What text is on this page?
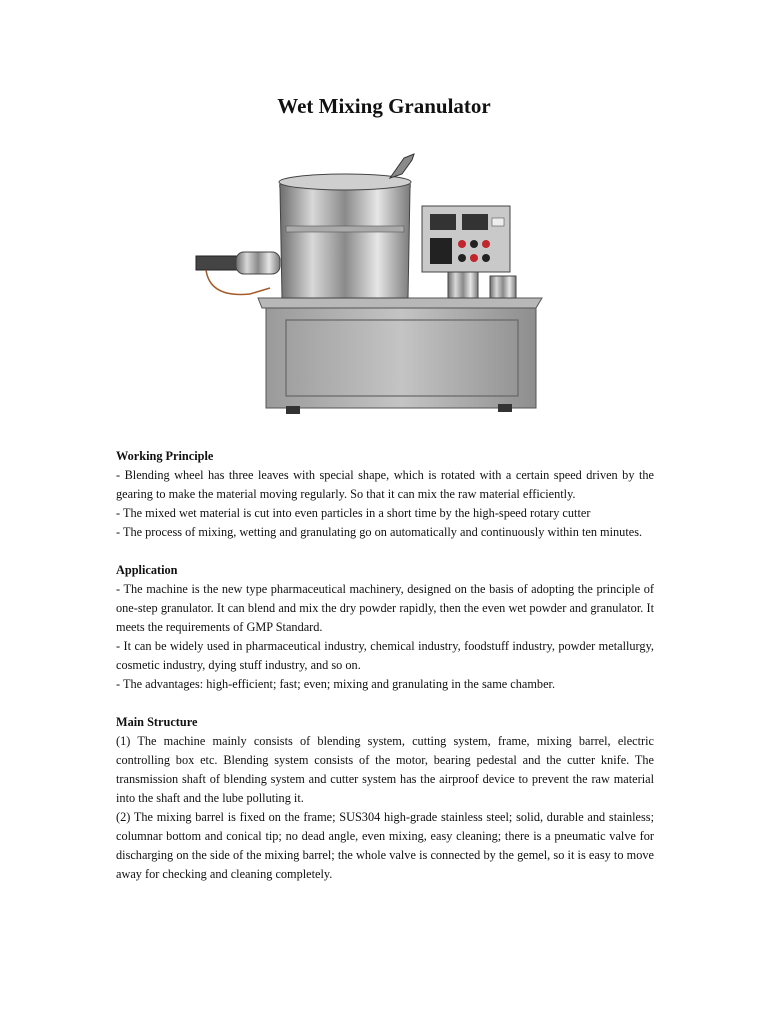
Wet Mixing Granulator
Working Principle

- Blending wheel has three leaves with special shape, which is rotated with a certain speed driven by the gearing to make the material moving regularly. So that it can mix the raw material efficiently.

- The mixed wet material is cut into even particles in a short time by the high-speed rotary cutter

- The process of mixing, wetting and granulating go on automatically and continuously within ten minutes.

Application

- The machine is the new type pharmaceutical machinery, designed on the basis of adopting the principle of one-step granulator. It can blend and mix the dry powder rapidly, then the even wet powder and granulator. It meets the requirements of GMP Standard.

- It can be widely used in pharmaceutical industry, chemical industry, foodstuff industry, powder metallurgy, cosmetic industry, dying stuff industry, and so on.

- The advantages: high-efficient; fast; even; mixing and granulating in the same chamber.

Main Structure

(1) The machine mainly consists of blending system, cutting system, frame, mixing barrel, electric controlling box etc. Blending system consists of the motor, bearing pedestal and the cutter knife. The transmission shaft of blending system and cutter system has the airproof device to prevent the raw material into the shaft and the lube polluting it.

(2) The mixing barrel is fixed on the frame; SUS304 high-grade stainless steel; solid, durable and stainless; columnar bottom and conical tip; no dead angle, even mixing, easy cleaning; there is a pneumatic valve for discharging on the side of the mixing barrel; the whole valve is connected by the gemel, so it is easy to move away for checking and cleaning completely.
